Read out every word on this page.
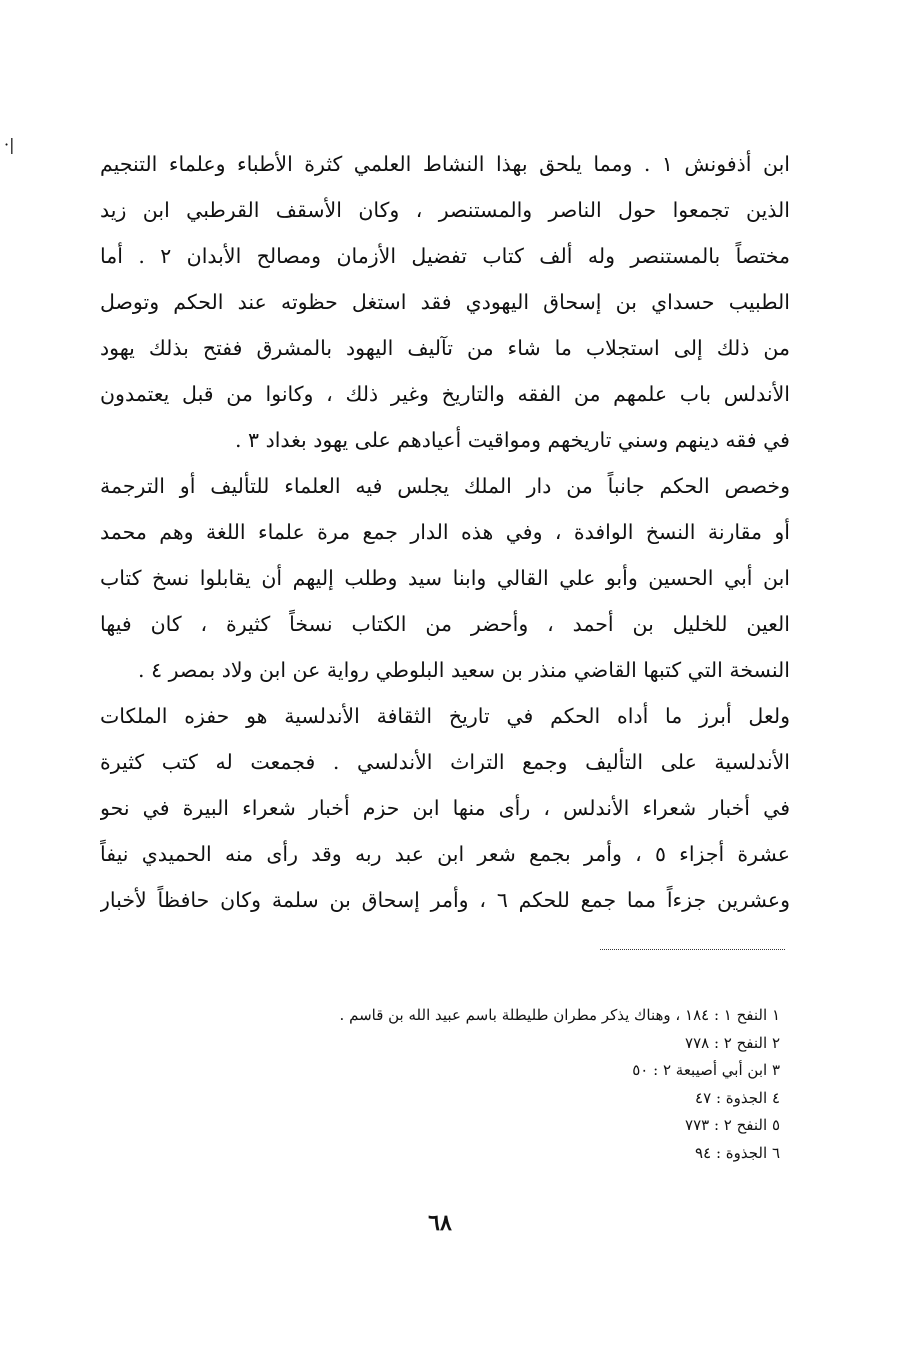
·|
ابن أذفونش ١ . ومما يلحق بهذا النشاط العلمي كثرة الأطباء وعلماء التنجيم
الذين تجمعوا حول الناصر والمستنصر ، وكان الأسقف القرطبي ابن زيد
مختصاً بالمستنصر وله ألف كتاب تفضيل الأزمان ومصالح الأبدان ٢ . أما
الطبيب حسداي بن إسحاق اليهودي فقد استغل حظوته عند الحكم وتوصل
من ذلك إلى استجلاب ما شاء من تآليف اليهود بالمشرق ففتح بذلك يهود
الأندلس باب علمهم من الفقه والتاريخ وغير ذلك ، وكانوا من قبل يعتمدون
في فقه دينهم وسني تاريخهم ومواقيت أعيادهم على يهود بغداد ٣ .
وخصص الحكم جانباً من دار الملك يجلس فيه العلماء للتأليف أو الترجمة
أو مقارنة النسخ الوافدة ، وفي هذه الدار جمع مرة علماء اللغة وهم محمد
ابن أبي الحسين وأبو علي القالي وابنا سيد وطلب إليهم أن يقابلوا نسخ كتاب
العين للخليل بن أحمد ، وأحضر من الكتاب نسخاً كثيرة ، كان فيها
النسخة التي كتبها القاضي منذر بن سعيد البلوطي رواية عن ابن ولاد بمصر ٤ .
ولعل أبرز ما أداه الحكم في تاريخ الثقافة الأندلسية هو حفزه الملكات
الأندلسية على التأليف وجمع التراث الأندلسي . فجمعت له كتب كثيرة
في أخبار شعراء الأندلس ، رأى منها ابن حزم أخبار شعراء البيرة في نحو
عشرة أجزاء ٥ ، وأمر بجمع شعر ابن عبد ربه وقد رأى منه الحميدي نيفاً
وعشرين جزءاً مما جمع للحكم ٦ ، وأمر إسحاق بن سلمة وكان حافظاً لأخبار
١ النفح ١ : ١٨٤ ، وهناك يذكر مطران طليطلة باسم عبيد الله بن قاسم .
٢ النفح ٢ : ٧٧٨
٣ ابن أبي أصيبعة ٢ : ٥٠
٤ الجذوة : ٤٧
٥ النفح ٢ : ٧٧٣
٦ الجذوة : ٩٤
٦٨
